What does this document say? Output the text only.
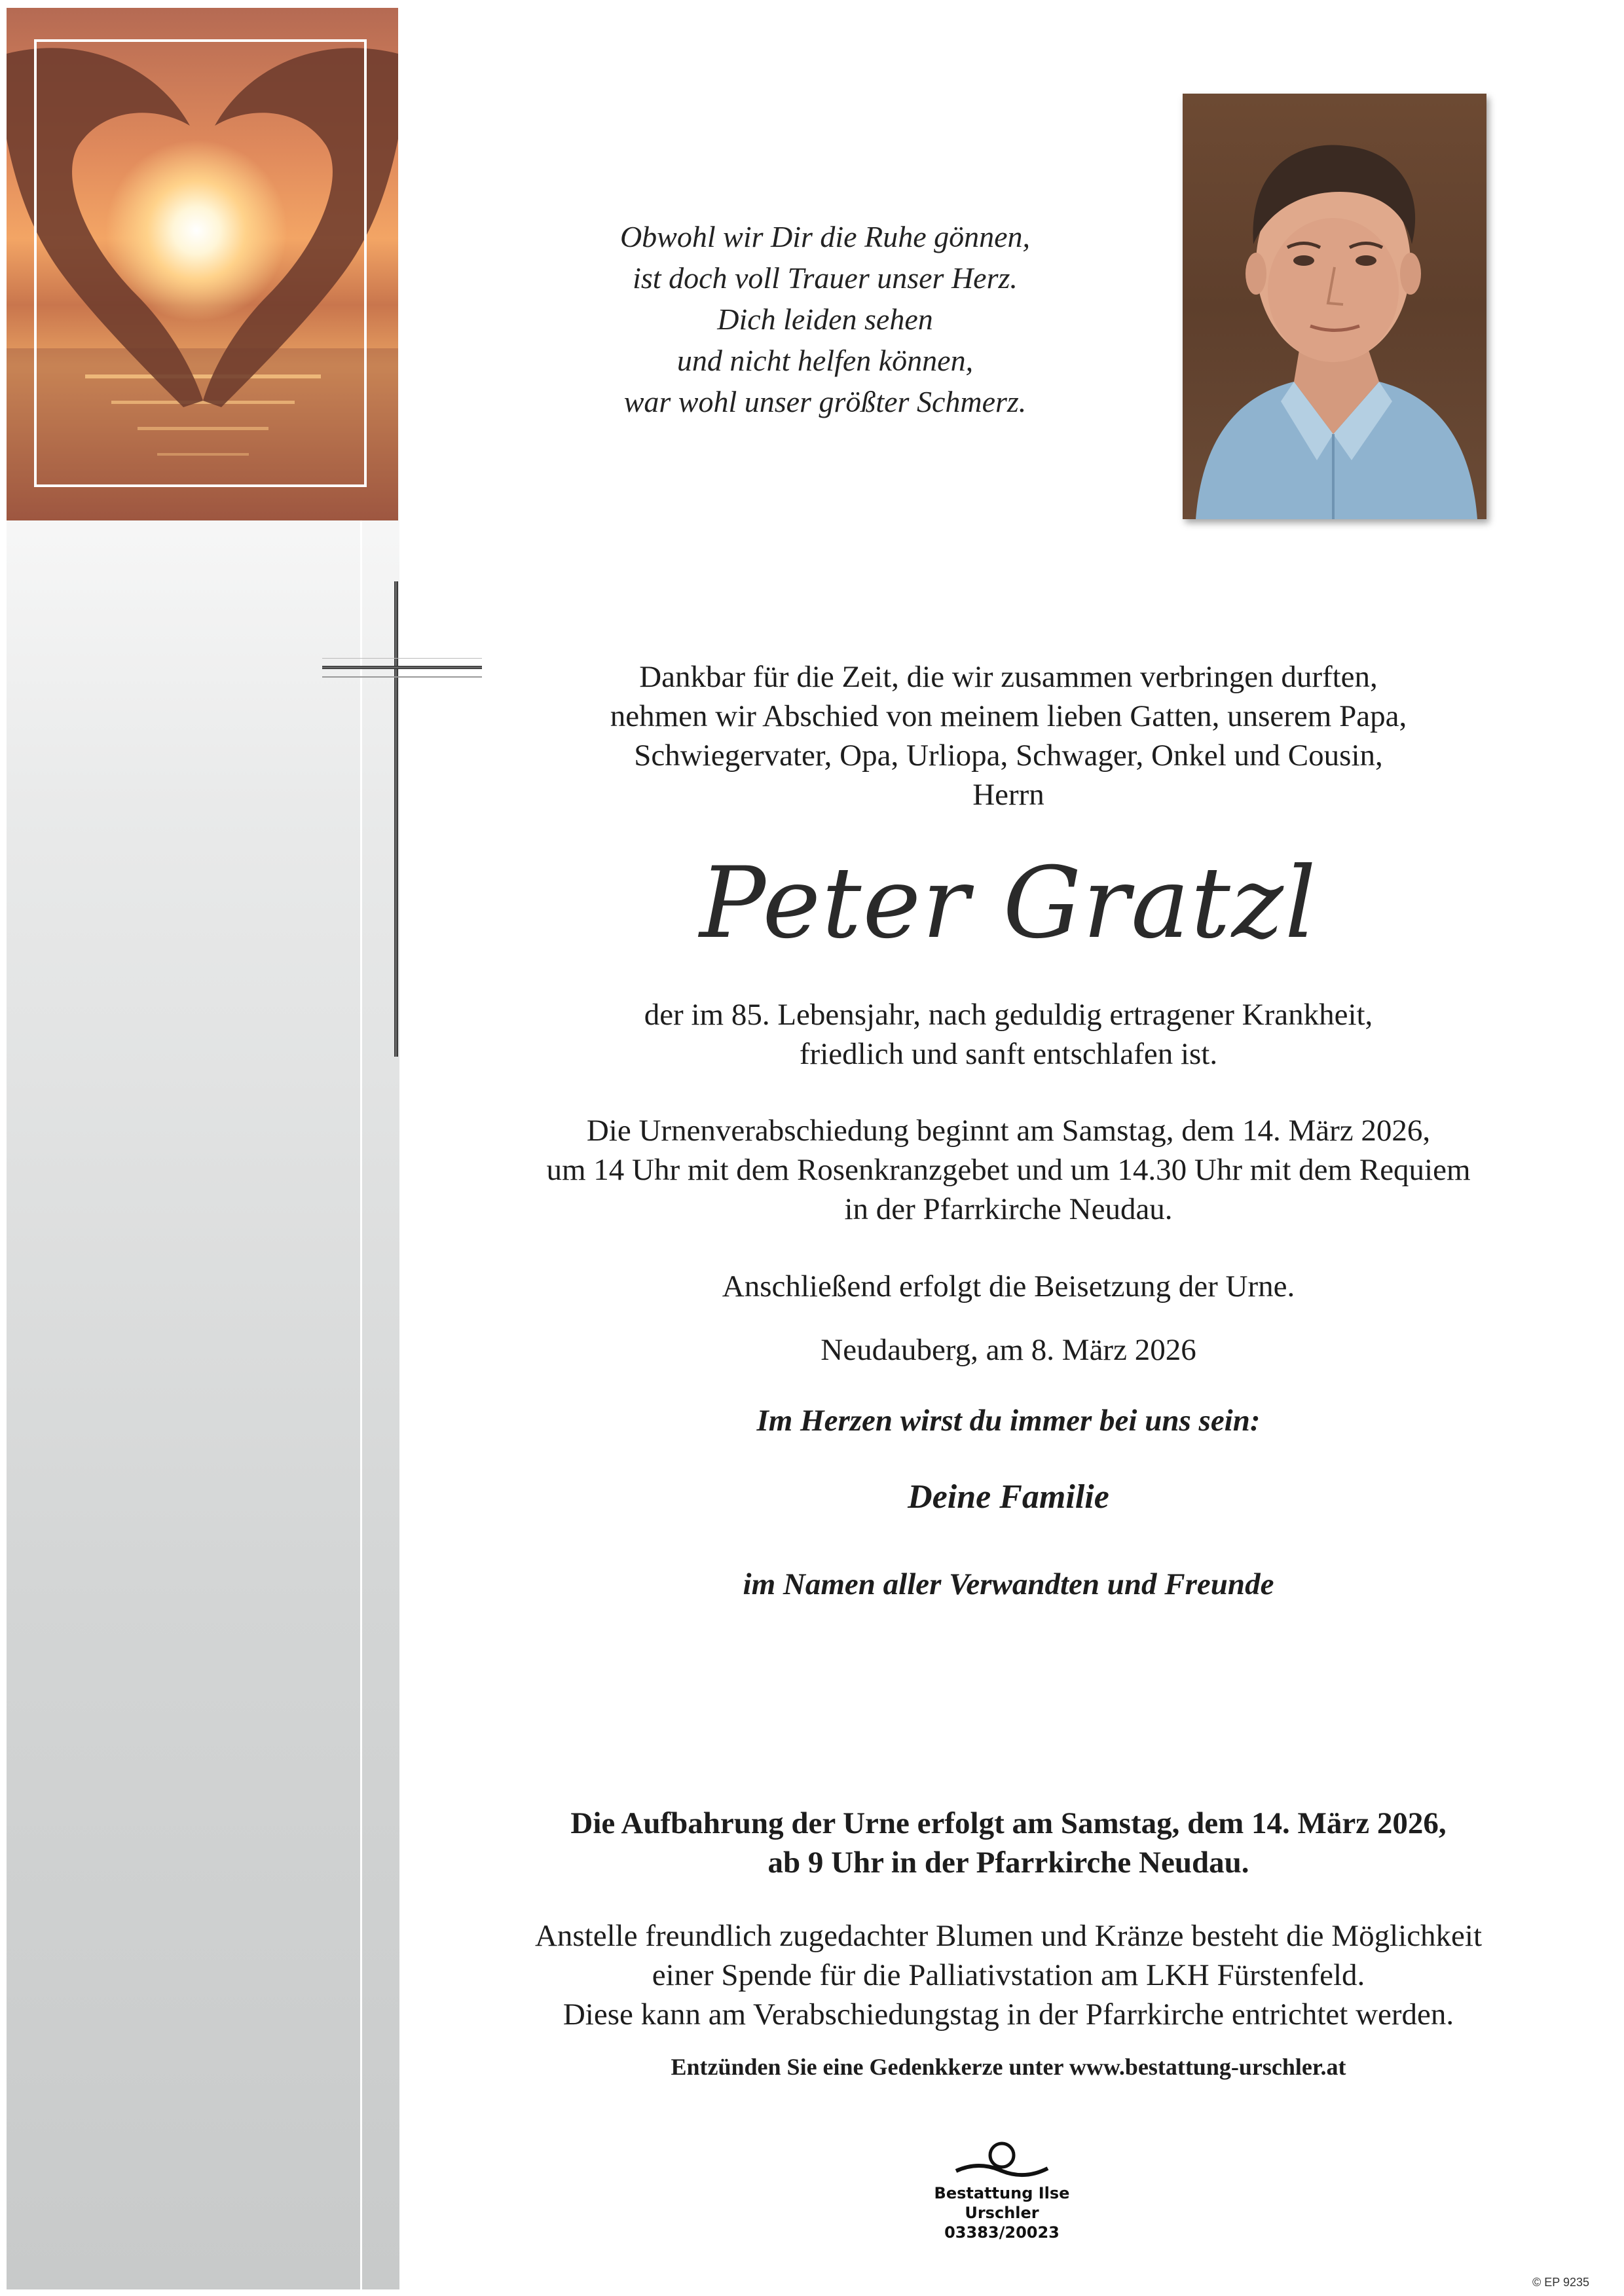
Obwohl wir Dir die Ruhe gönnen,
ist doch voll Trauer unser Herz.
Dich leiden sehen
und nicht helfen können,
war wohl unser größter Schmerz.
Dankbar für die Zeit, die wir zusammen verbringen durften,
nehmen wir Abschied von meinem lieben Gatten, unserem Papa,
Schwiegervater, Opa, Urliopa, Schwager, Onkel und Cousin,
Herrn
Peter Gratzl
der im 85. Lebensjahr, nach geduldig ertragener Krankheit,
friedlich und sanft entschlafen ist.
Die Urnenverabschiedung beginnt am Samstag, dem 14. März 2026,
um 14 Uhr mit dem Rosenkranzgebet und um 14.30 Uhr mit dem Requiem
in der Pfarrkirche Neudau.
Anschließend erfolgt die Beisetzung der Urne.
Neudauberg, am 8. März 2026
Im Herzen wirst du immer bei uns sein:
Deine Familie
im Namen aller Verwandten und Freunde
Die Aufbahrung der Urne erfolgt am Samstag, dem 14. März 2026,
ab 9 Uhr in der Pfarrkirche Neudau.
Anstelle freundlich zugedachter Blumen und Kränze besteht die Möglichkeit
einer Spende für die Palliativstation am LKH Fürstenfeld.
Diese kann am Verabschiedungstag in der Pfarrkirche entrichtet werden.
Entzünden Sie eine Gedenkkerze unter www.bestattung-urschler.at
Bestattung Ilse Urschler
03383/20023
© EP 9235
